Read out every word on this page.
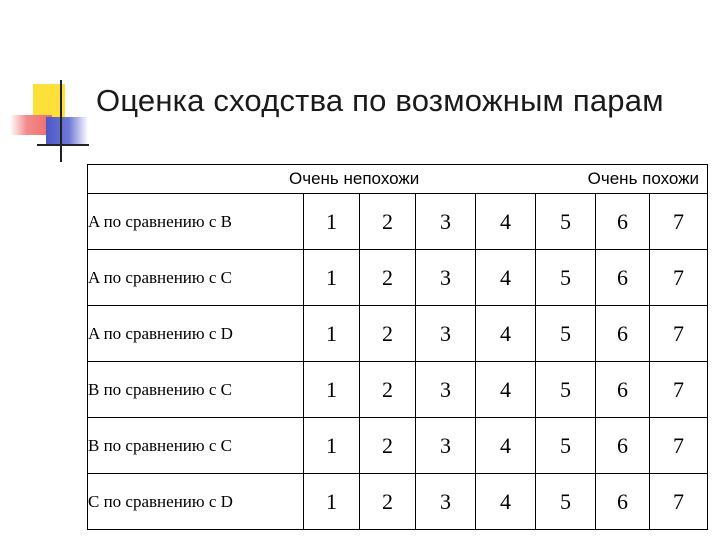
Оценка сходства по возможным парам
Очень непохожи					Очень похожи		
A по сравнению с B	1	2	3	4	5	6	7
A по сравнению с C	1	2	3	4	5	6	7
A по сравнению с D	1	2	3	4	5	6	7
B по сравнению с C	1	2	3	4	5	6	7
B по сравнению с C	1	2	3	4	5	6	7
C по сравнению с D	1	2	3	4	5	6	7
